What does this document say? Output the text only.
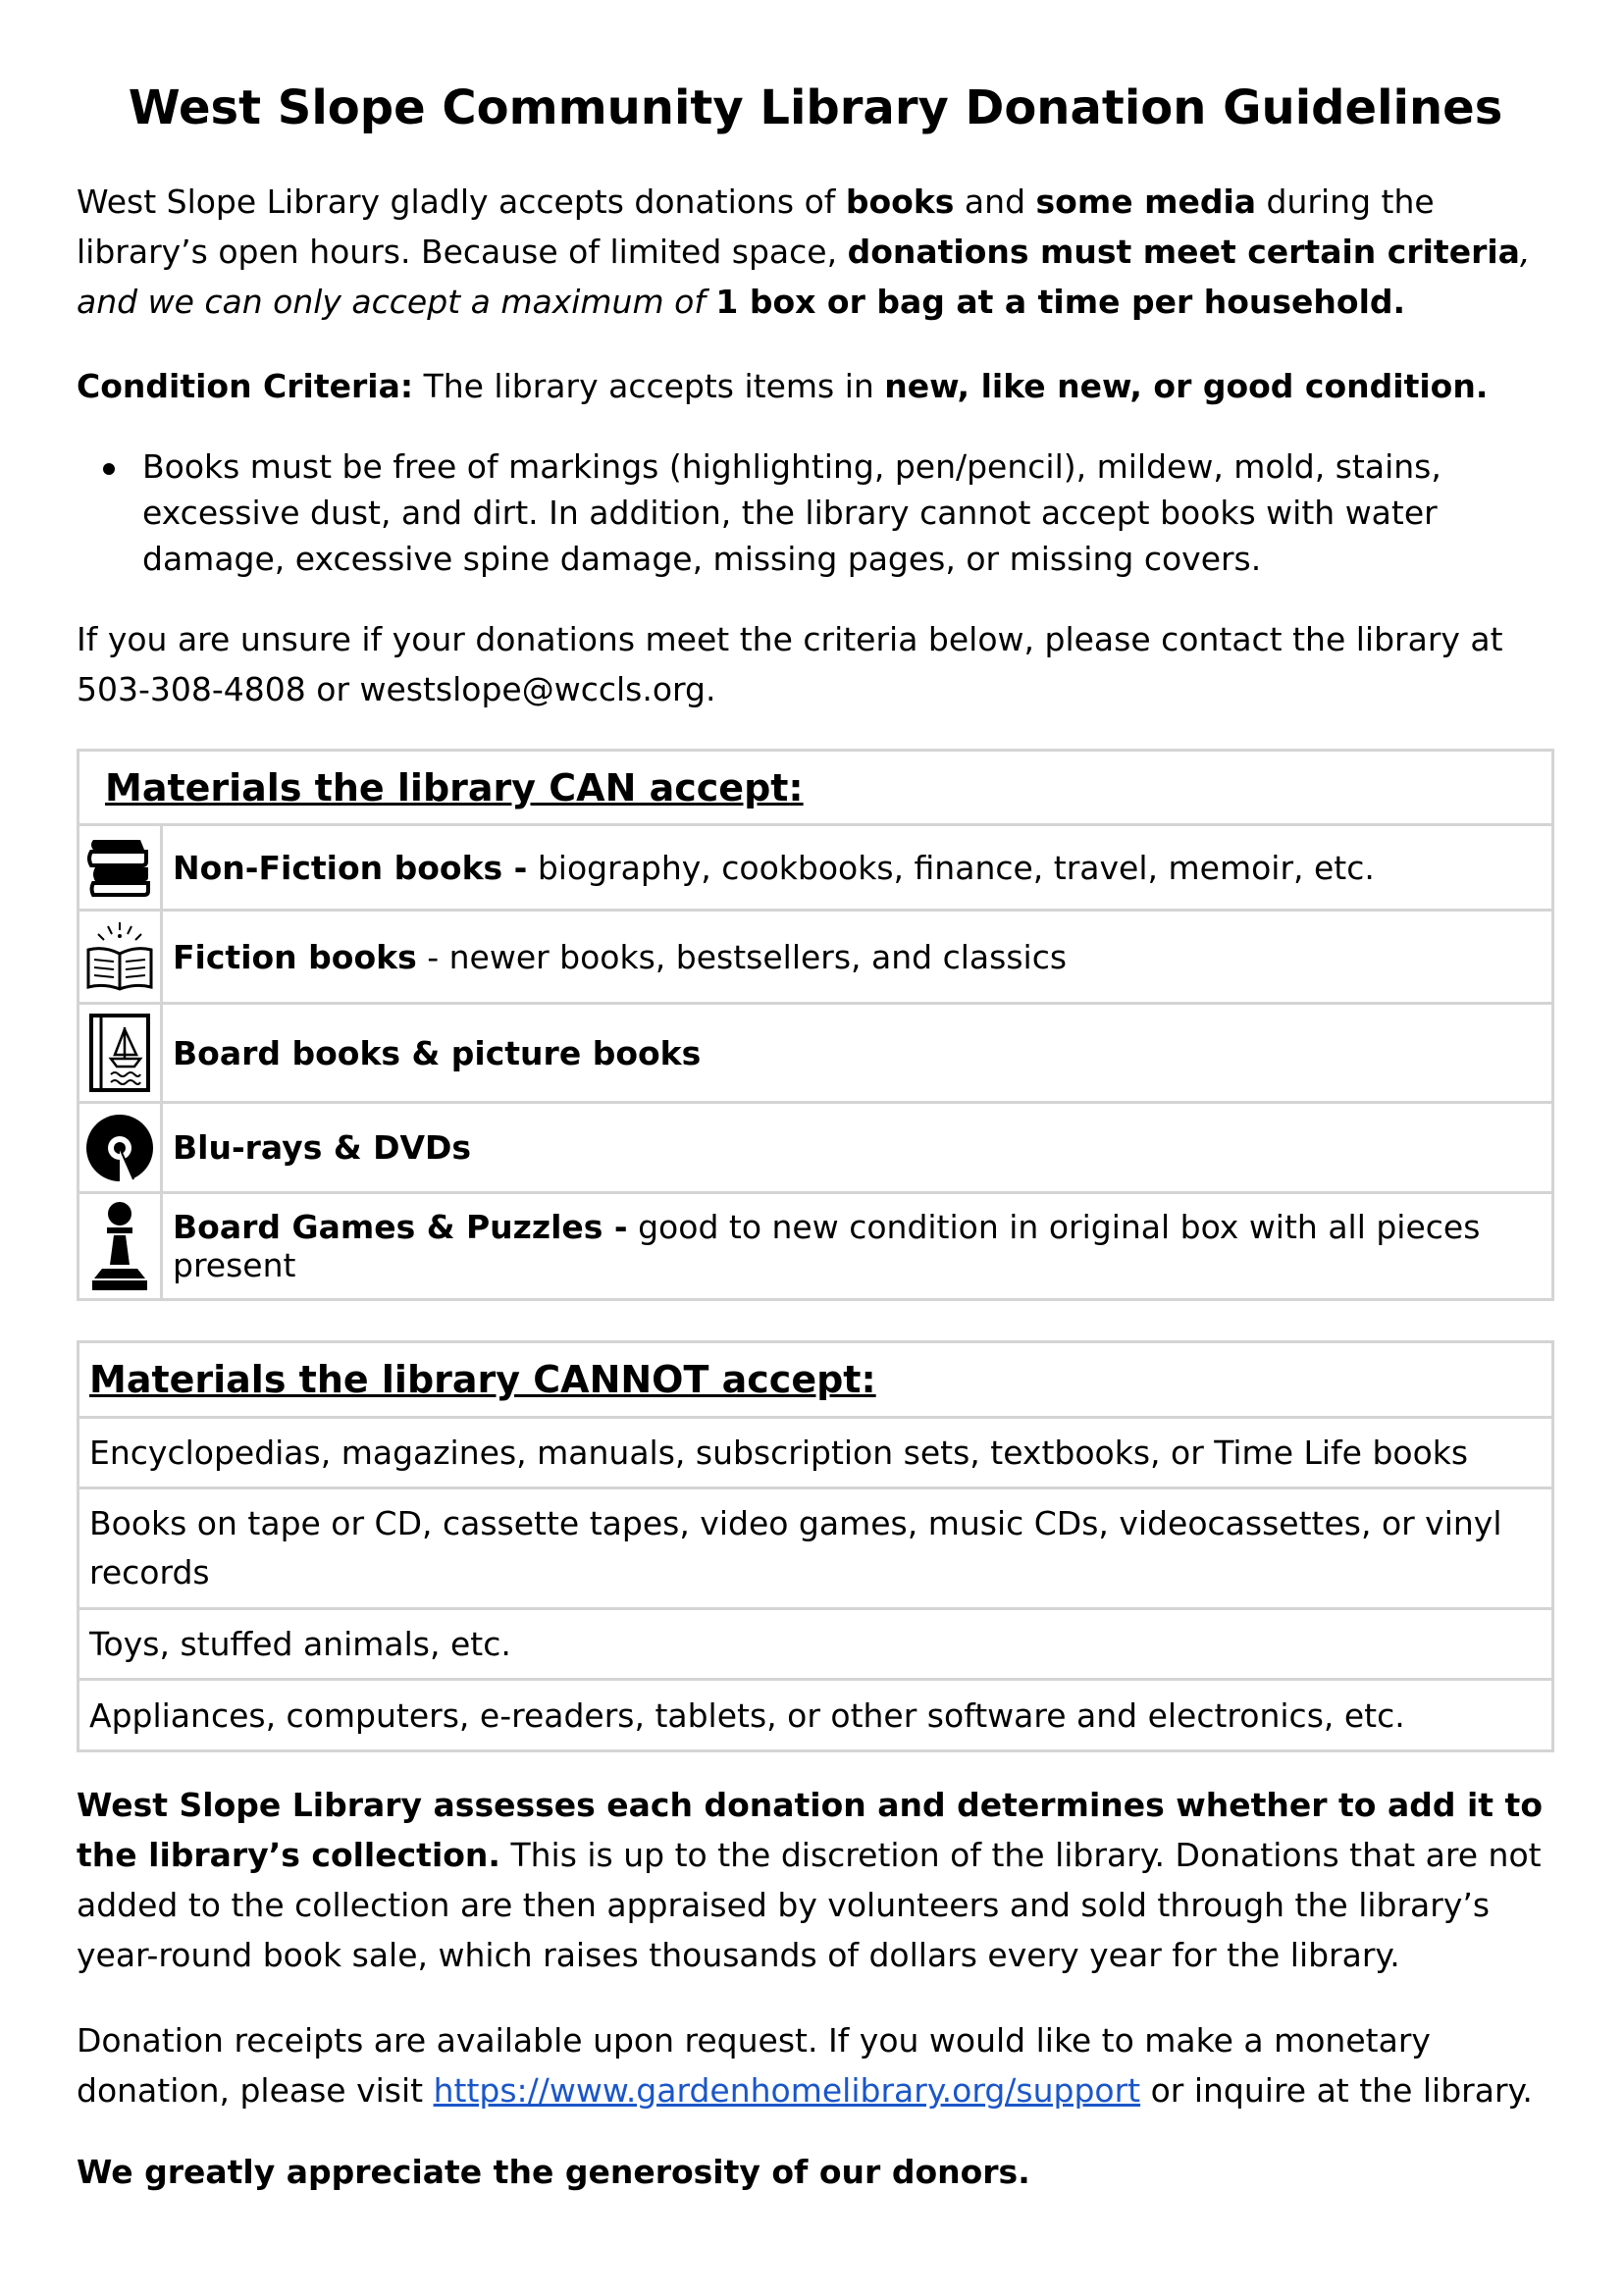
West Slope Community Library Donation Guidelines

West Slope Library gladly accepts donations of books and some media during the library’s open hours. Because of limited space, donations must meet certain criteria, and we can only accept a maximum of 1 box or bag at a time per household.

Condition Criteria: The library accepts items in new, like new, or good condition.

Books must be free of markings (highlighting, pen/pencil), mildew, mold, stains, excessive dust, and dirt. In addition, the library cannot accept books with water damage, excessive spine damage, missing pages, or missing covers.

If you are unsure if your donations meet the criteria below, please contact the library at 503-308-4808 or westslope@wccls.org.

Materials the library CAN accept:	

	Non-Fiction books - biography, cookbooks, finance, travel, memoir, etc.

	Fiction books - newer books, bestsellers, and classics

	Board books & picture books

	Blu-rays & DVDs

	Board Games & Puzzles - good to new condition in original box with all pieces present
Materials the library CANNOT accept:
Encyclopedias, magazines, manuals, subscription sets, textbooks, or Time Life books
Books on tape or CD, cassette tapes, video games, music CDs, videocassettes, or vinyl records
Toys, stuffed animals, etc.
Appliances, computers, e-readers, tablets, or other software and electronics, etc.

West Slope Library assesses each donation and determines whether to add it to the library’s collection. This is up to the discretion of the library. Donations that are not added to the collection are then appraised by volunteers and sold through the library’s year-round book sale, which raises thousands of dollars every year for the library.

Donation receipts are available upon request. If you would like to make a monetary donation, please visit https://www.gardenhomelibrary.org/support or inquire at the library.

We greatly appreciate the generosity of our donors.
